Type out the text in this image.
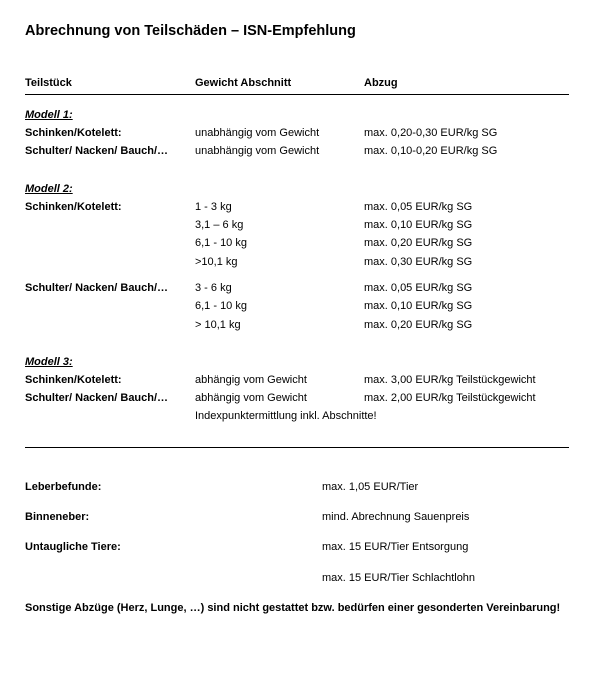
Abrechnung von Teilschäden – ISN-Empfehlung
Teilstück	Gewicht Abschnitt	Abzug
Modell 1:
Schinken/Kotelett:	unabhängig vom Gewicht	max. 0,20-0,30 EUR/kg SG
Schulter/ Nacken/ Bauch/… unabhängig vom Gewicht	max. 0,10-0,20 EUR/kg SG
Modell 2:
Schinken/Kotelett:	1 - 3 kg	max. 0,05 EUR/kg SG
3,1 – 6 kg	max. 0,10 EUR/kg SG
6,1 - 10 kg	max. 0,20 EUR/kg SG
>10,1 kg	max. 0,30 EUR/kg SG
Schulter/ Nacken/ Bauch/… 3 - 6 kg	max. 0,05 EUR/kg SG
6,1 - 10 kg	max. 0,10 EUR/kg SG
> 10,1 kg	max. 0,20 EUR/kg SG
Modell 3:
Schinken/Kotelett:	abhängig vom Gewicht	max. 3,00 EUR/kg Teilstückgewicht
Schulter/ Nacken/ Bauch/… abhängig vom Gewicht	max. 2,00 EUR/kg Teilstückgewicht
Indexpunktermittlung inkl. Abschnitte!
Leberbefunde:	max. 1,05 EUR/Tier
Binneneber:	mind. Abrechnung Sauenpreis
Untaugliche Tiere:	max. 15 EUR/Tier Entsorgung
max. 15 EUR/Tier Schlachtlohn
Sonstige Abzüge (Herz, Lunge, …) sind nicht gestattet bzw. bedürfen einer gesonderten Vereinbarung!
